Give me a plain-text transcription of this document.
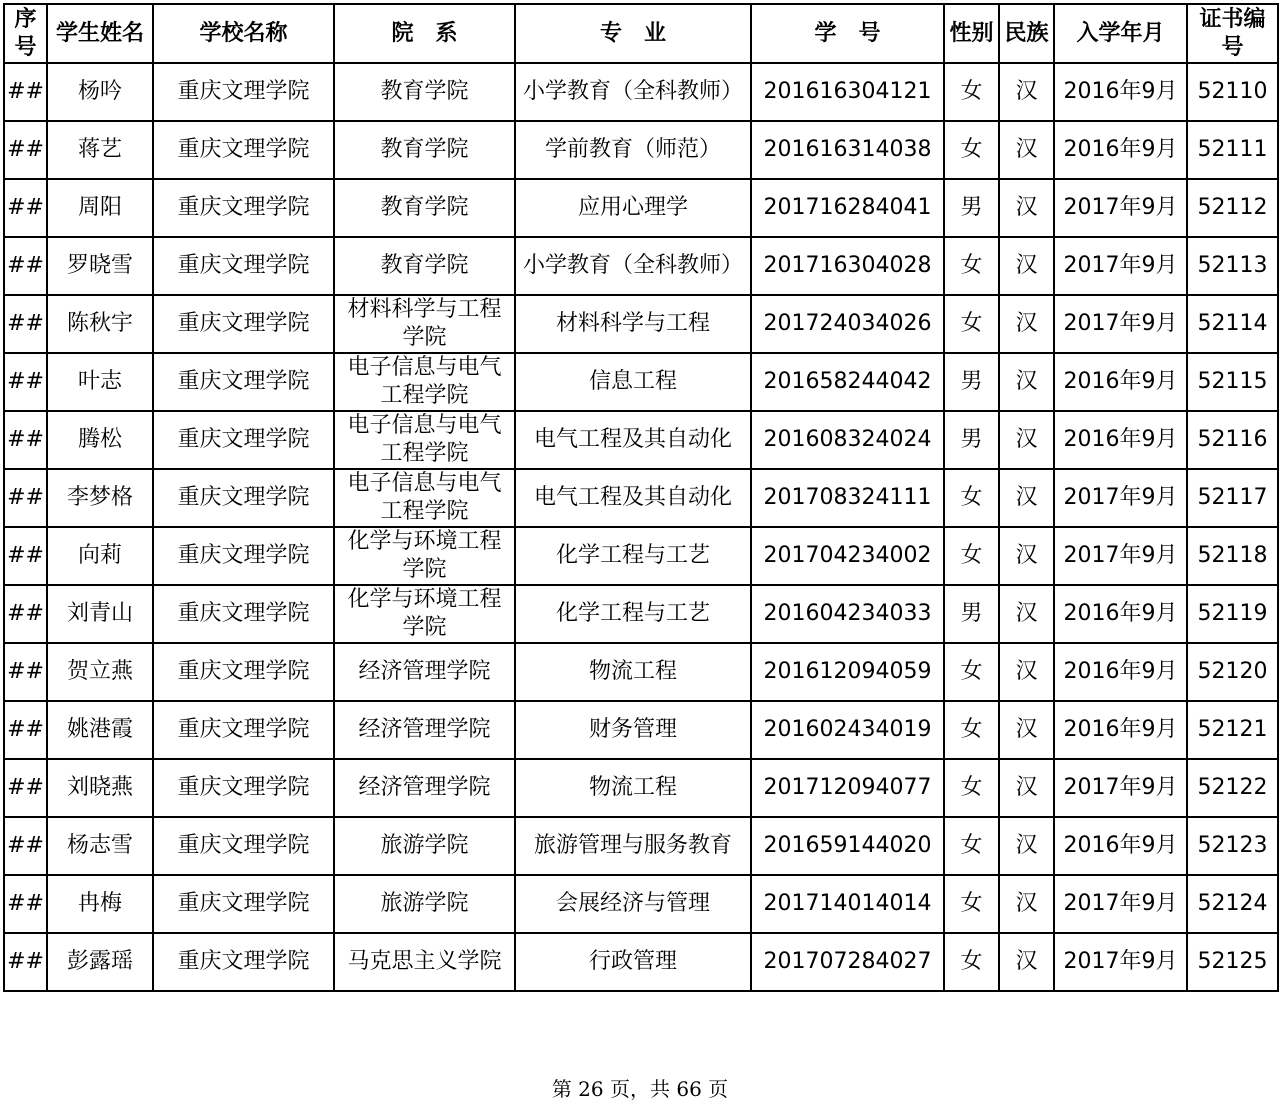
序号	学生姓名	学校名称	院　系	专　业	学　号	性别	民族	入学年月	证书编号
##	杨吟	重庆文理学院	教育学院	小学教育（全科教师）	201616304121	女	汉	2016年9月	52110
##	蒋艺	重庆文理学院	教育学院	学前教育（师范）	201616314038	女	汉	2016年9月	52111
##	周阳	重庆文理学院	教育学院	应用心理学	201716284041	男	汉	2017年9月	52112
##	罗晓雪	重庆文理学院	教育学院	小学教育（全科教师）	201716304028	女	汉	2017年9月	52113
##	陈秋宇	重庆文理学院	材料科学与工程学院	材料科学与工程	201724034026	女	汉	2017年9月	52114
##	叶志	重庆文理学院	电子信息与电气工程学院	信息工程	201658244042	男	汉	2016年9月	52115
##	腾松	重庆文理学院	电子信息与电气工程学院	电气工程及其自动化	201608324024	男	汉	2016年9月	52116
##	李梦格	重庆文理学院	电子信息与电气工程学院	电气工程及其自动化	201708324111	女	汉	2017年9月	52117
##	向莉	重庆文理学院	化学与环境工程学院	化学工程与工艺	201704234002	女	汉	2017年9月	52118
##	刘青山	重庆文理学院	化学与环境工程学院	化学工程与工艺	201604234033	男	汉	2016年9月	52119
##	贺立燕	重庆文理学院	经济管理学院	物流工程	201612094059	女	汉	2016年9月	52120
##	姚港霞	重庆文理学院	经济管理学院	财务管理	201602434019	女	汉	2016年9月	52121
##	刘晓燕	重庆文理学院	经济管理学院	物流工程	201712094077	女	汉	2017年9月	52122
##	杨志雪	重庆文理学院	旅游学院	旅游管理与服务教育	201659144020	女	汉	2016年9月	52123
##	冉梅	重庆文理学院	旅游学院	会展经济与管理	201714014014	女	汉	2017年9月	52124
##	彭露瑶	重庆文理学院	马克思主义学院	行政管理	201707284027	女	汉	2017年9月	52125
第 26 页，共 66 页
